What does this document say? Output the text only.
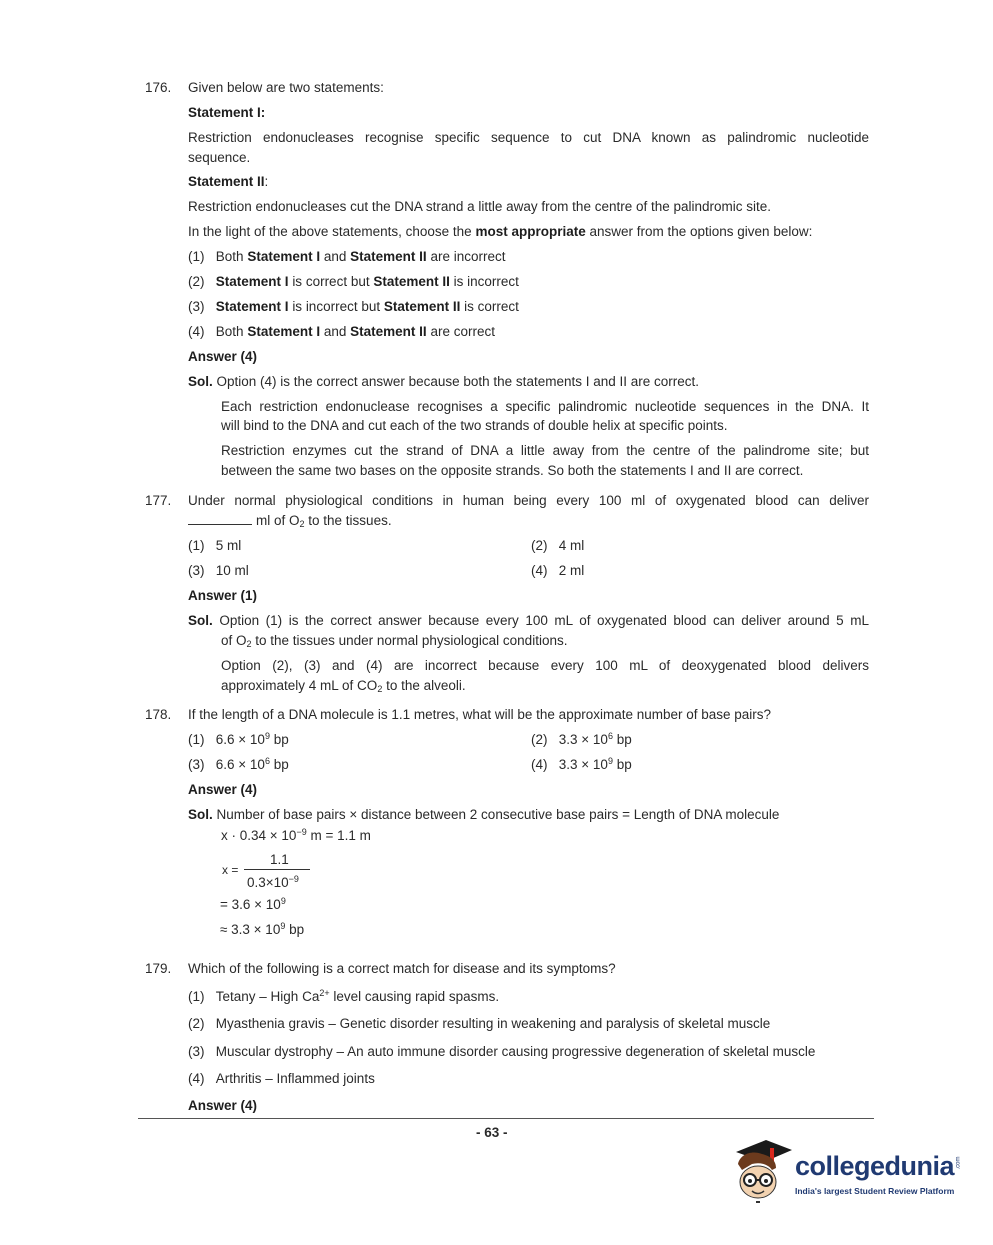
176. Given below are two statements:
Statement I:
Restriction endonucleases recognise specific sequence to cut DNA known as palindromic nucleotide
sequence.
Statement II:
Restriction endonucleases cut the DNA strand a little away from the centre of the palindromic site.
In the light of the above statements, choose the most appropriate answer from the options given below:
(1) Both Statement I and Statement II are incorrect
(2) Statement I is correct but Statement II is incorrect
(3) Statement I is incorrect but Statement II is correct
(4) Both Statement I and Statement II are correct
Answer (4)
Sol. Option (4) is the correct answer because both the statements I and II are correct.
Each restriction endonuclease recognises a specific palindromic nucleotide sequences in the DNA. It
will bind to the DNA and cut each of the two strands of double helix at specific points.
Restriction enzymes cut the strand of DNA a little away from the centre of the palindrome site; but
between the same two bases on the opposite strands. So both the statements I and II are correct.
177. Under normal physiological conditions in human being every 100 ml of oxygenated blood can deliver
ml of $O_2$ to the tissues.
(1) 5 ml	(2) 4 ml
(3) 10 ml	(4) 2 ml
Answer (1)
Sol. Option (1) is the correct answer because every 100 mL of oxygenated blood can deliver around 5 mL
of $O_2$ to the tissues under normal physiological conditions.
Option (2), (3) and (4) are incorrect because every 100 mL of deoxygenated blood delivers
approximately 4 mL of $CO_2$ to the alveoli.
178. If the length of a DNA molecule is 1.1 metres, what will be the approximate number of base pairs?
(1) $6.6 \times 10^9$ bp	(2) $3.3 \times 10^6$ bp
(3) $6.6 \times 10^6$ bp	(4) $3.3 \times 10^9$ bp
Answer (4)
Sol. Number of base pairs × distance between 2 consecutive base pairs = Length of DNA molecule
$x \cdot 0.34 \times 10^{-9}$ m = 1.1 m
x =
1.1
$0.3\times 10^{-9}$
= $3.6 \times 10^9$
≈ $3.3 \times 10^9$ bp
179. Which of the following is a correct match for disease and its symptoms?
(1) Tetany – High $Ca^{2+}$ level causing rapid spasms.
(2) Myasthenia gravis – Genetic disorder resulting in weakening and paralysis of skeletal muscle
(3) Muscular dystrophy – An auto immune disorder causing progressive degeneration of skeletal muscle
(4) Arthritis – Inflammed joints
Answer (4)
- 63 -
collegedunia .com
India's largest Student Review Platform
